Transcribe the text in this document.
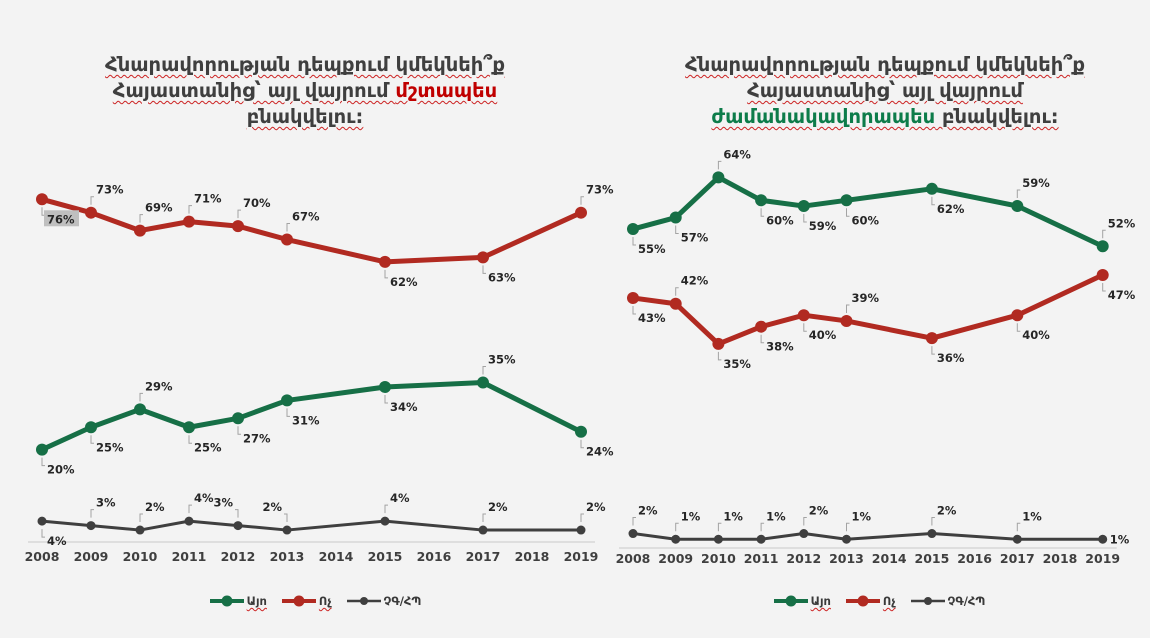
Հնարավորության դեպքում կմեկնեի՞ք
Հայաստանից՝ այլ վայրում մշտապես
բնակվելու:
Հնարավորության դեպքում կմեկնեի՞ք
Հայաստանից՝ այլ վայրում
ժամանակավորապես բնակվելու:
2008 2009 2010 2011 2012 2013 2014 2015 2016 2017 2018 2019
20%
25%
29%
25%
27%
31%
34%
35%
24%
76%
73%
69%
71% 70%
67%
62%	63%
73%
4%
3%	2%
4% 3%	2%
4%
2%	2%
2008 2009 2010 2011 2012 2013 2014 2015 2016 2017 2018 2019
55%
57%
64%
60% 59% 60%
62%
59%
52%
43%
42%
35%
38%
40%
39%
36%
40%
47%
2% 1% 1% 1% 2% 1%	2%	1%
1%
Այո	Ոչ	ՉԳ/ՀՊ	Այո	Ոչ	ՉԳ/ՀՊ
